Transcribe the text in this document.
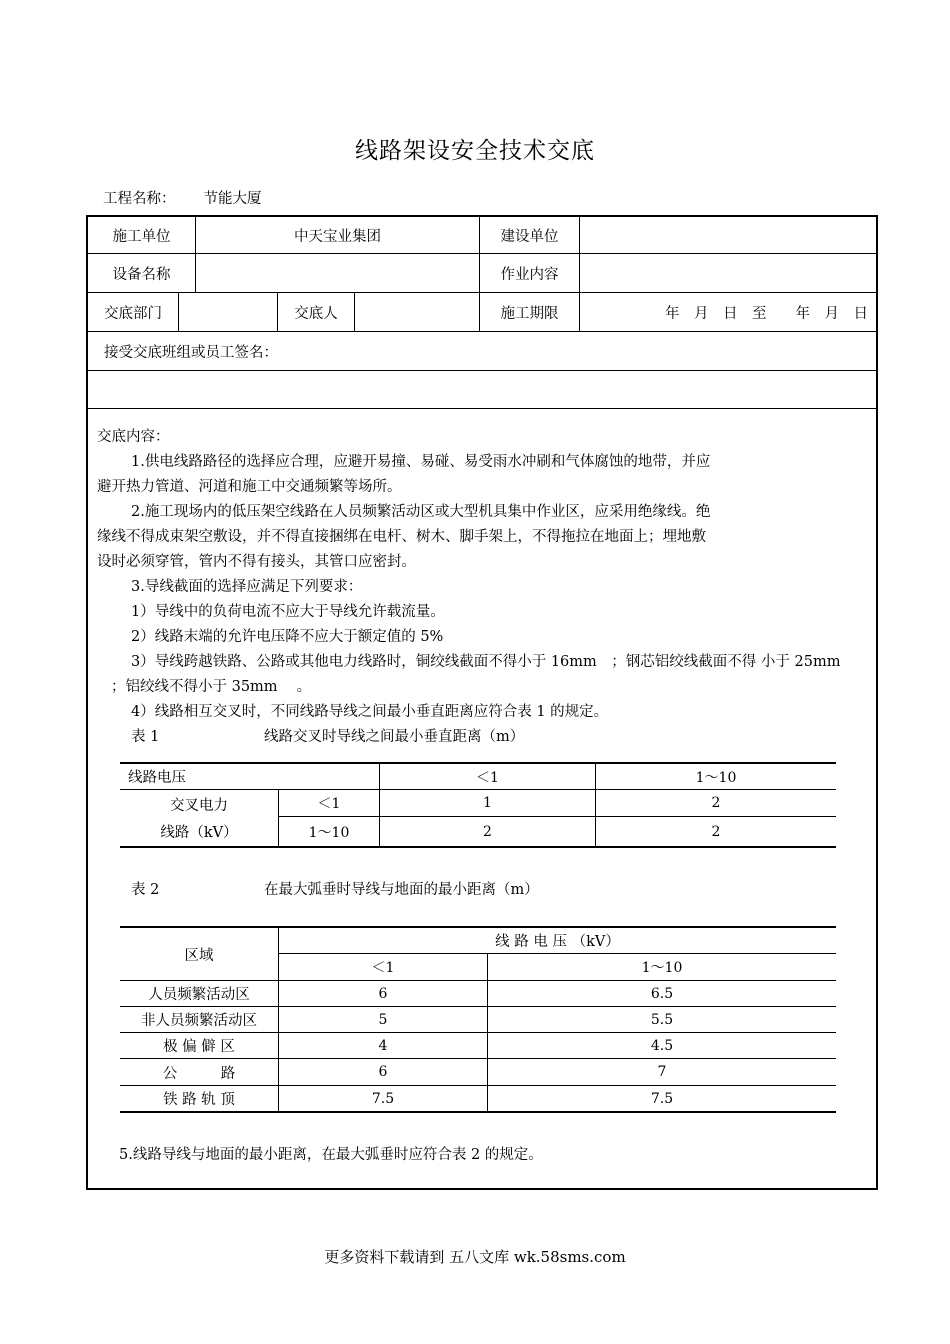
线路架设安全技术交底
工程名称： 节能大厦
施工单位	中天宝业集团	建设单位
设备名称	作业内容
交底部门	交底人	施工期限	年　月　日　至　　年　月　日
接受交底班组或员工签名：
交底内容：
1.供电线路路径的选择应合理，应避开易撞、易碰、易受雨水冲刷和气体腐蚀的地带，并应
避开热力管道、河道和施工中交通频繁等场所。
2.施工现场内的低压架空线路在人员频繁活动区或大型机具集中作业区，应采用绝缘线。绝
缘线不得成束架空敷设，并不得直接捆绑在电杆、树木、脚手架上，不得拖拉在地面上；埋地敷
设时必须穿管，管内不得有接头，其管口应密封。
3.导线截面的选择应满足下列要求：
1）导线中的负荷电流不应大于导线允许载流量。
2）线路末端的允许电压降不应大于额定值的 5%
3）导线跨越铁路、公路或其他电力线路时，铜绞线截面不得小于 16mm　；钢芯铝绞线截面不得 小于 25mm
；铝绞线不得小于 35mm　 。
4）线路相互交叉时，不同线路导线之间最小垂直距离应符合表 1 的规定。
表 1	线路交叉时导线之间最小垂直距离（m）
线路电压	＜1	1～10
交叉电力
线路（kV）
＜1	1	2
1～10	2	2
表 2	在最大弧垂时导线与地面的最小距离（m）
区域
线 路 电 压 （kV）
＜1	1～10
人员频繁活动区	6	6.5
非人员频繁活动区	5	5.5
极 偏 僻 区	4	4.5
公　　　路	6	7
铁 路 轨 顶	7.5	7.5
5.线路导线与地面的最小距离，在最大弧垂时应符合表 2 的规定。
更多资料下载请到 五八文库 wk.58sms.com
